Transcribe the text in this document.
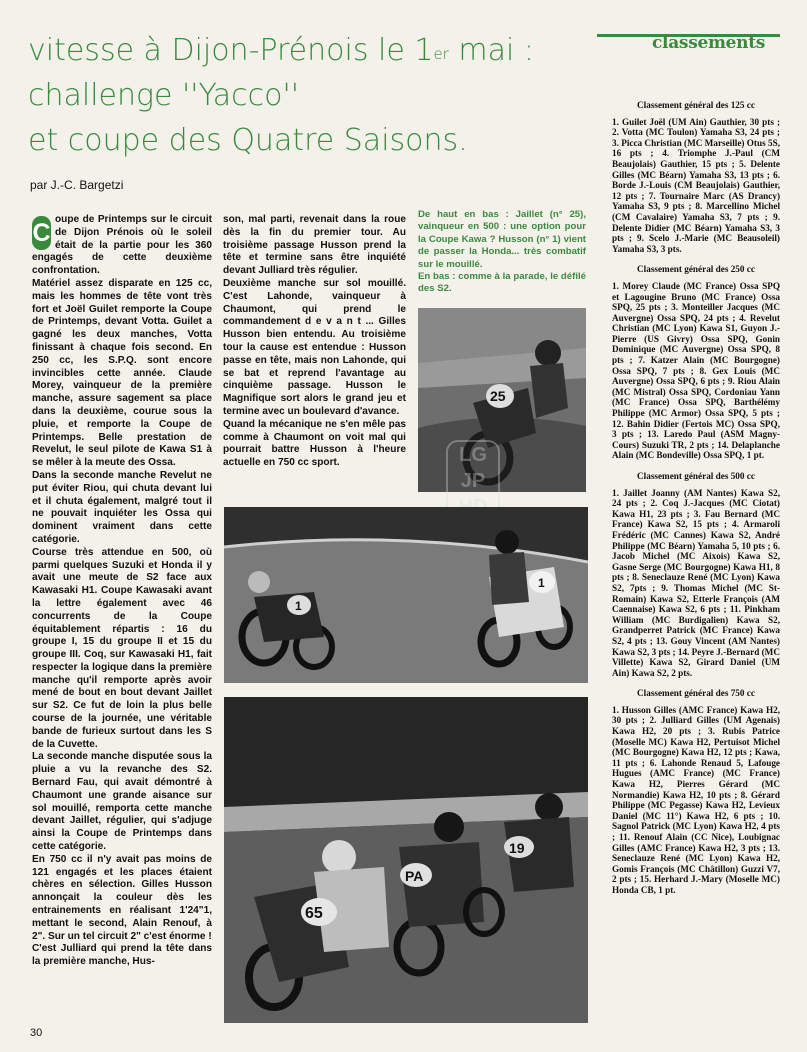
vitesse à Dijon-Prénois le 1er mai :
challenge ''Yacco''
et coupe des Quatre Saisons.
par J.-C. Bargetzi

C oupe de Printemps sur le circuit de Dijon Prénois où le soleil était de la partie pour les 360 engagés de cette deuxième confrontation.

Matériel assez disparate en 125 cc, mais les hommes de tête vont très fort et Joël Guilet remporte la Coupe de Printemps, devant Votta. Guilet a gagné les deux manches, Votta finissant à chaque fois second. En 250 cc, les S.P.Q. sont encore invincibles cette année. Claude Morey, vainqueur de la première manche, assure sagement sa place dans la deuxième, courue sous la pluie, et remporte la Coupe de Printemps. Belle prestation de Revelut, le seul pilote de Kawa S1 à se mêler à la meute des Ossa.

Dans la seconde manche Revelut ne put éviter Riou, qui chuta devant lui et il chuta également, malgré tout il ne pouvait inquiéter les Ossa qui dominent vraiment dans cette catégorie.

Course très attendue en 500, où parmi quelques Suzuki et Honda il y avait une meute de S2 face aux Kawasaki H1. Coupe Kawasaki avant la lettre également avec 46 concurrents de la Coupe équitablement répartis : 16 du groupe I, 15 du groupe II et 15 du groupe III. Coq, sur Kawasaki H1, fait respecter la logique dans la première manche qu'il remporte après avoir mené de bout en bout devant Jaillet sur S2. Ce fut de loin la plus belle course de la journée, une véritable bande de furieux surtout dans les S de la Cuvette.

La seconde manche disputée sous la pluie a vu la revanche des S2. Bernard Fau, qui avait démontré à Chaumont une grande aisance sur sol mouillé, remporta cette manche devant Jaillet, régulier, qui s'adjuge ainsi la Coupe de Printemps dans cette catégorie.

En 750 cc il n'y avait pas moins de 121 engagés et les places étaient chères en sélection. Gilles Husson annonçait la couleur dès les entrainements en réalisant 1'24"1, mettant le second, Alain Renouf, à 2". Sur un tel circuit 2" c'est énorme !

C'est Julliard qui prend la tête dans la première manche, Hus-

son, mal parti, revenait dans la roue dès la fin du premier tour. Au troisième passage Husson prend la tête et termine sans être inquiété devant Julliard très régulier.

Deuxième manche sur sol mouillé. C'est Lahonde, vainqueur à Chaumont, qui prend le commandement d e v a n t ... Gilles Husson bien entendu. Au troisième tour la cause est entendue : Husson passe en tête, mais non Lahonde, qui se bat et reprend l'avantage au cinquième passage. Husson le Magnifique sort alors le grand jeu et termine avec un boulevard d'avance.

Quand la mécanique ne s'en mêle pas comme à Chaumont on voit mal qui pourrait battre Husson à l'heure actuelle en 750 cc sport.

De haut en bas : Jaillet (n° 25), vainqueur en 500 : une option pour la Coupe Kawa ? Husson (n° 1) vient de passer la Honda... très combatif sur le mouillé.

En bas : comme à la parade, le défilé des S2.

25
LG
JP
1
1
65
PA
19
30
classements

Classement général des 125 cc

1. Guilet Joël (UM Ain) Gauthier, 30 pts ; 2. Votta (MC Toulon) Yamaha S3, 24 pts ; 3. Picca Christian (MC Marseille) Otus 5S, 16 pts ; 4. Triomphe J.-Paul (CM Beaujolais) Gauthier, 15 pts ; 5. Delente Gilles (MC Béarn) Yamaha S3, 13 pts ; 6. Borde J.-Louis (CM Beaujolais) Gauthier, 12 pts ; 7. Tournaire Marc (AS Drancy) Yamaha S3, 9 pts ; 8. Marcellino Michel (CM Cavalaire) Yamaha S3, 7 pts ; 9. Delente Didier (MC Béarn) Yamaha S3, 3 pts ; 9. Scelo J.-Marie (MC Beausoleil) Yamaha S3, 3 pts.

Classement général des 250 cc

1. Morey Claude (MC France) Ossa SPQ et Lagougine Bruno (MC France) Ossa SPQ, 25 pts ; 3. Monteiller Jacques (MC Auvergne) Ossa SPQ, 24 pts ; 4. Revelut Christian (MC Lyon) Kawa S1, Guyon J.-Pierre (US Givry) Ossa SPQ, Gonin Dominique (MC Auvergne) Ossa SPQ, 8 pts ; 7. Katzer Alain (MC Bourgogne) Ossa SPQ, 7 pts ; 8. Gex Louis (MC Auvergne) Ossa SPQ, 6 pts ; 9. Riou Alain (MC Mistral) Ossa SPQ, Cordoniau Yann (MC France) Ossa SPQ, Barthélémy Philippe (MC Armor) Ossa SPQ, 5 pts ; 12. Bahin Didier (Fertois MC) Ossa SPQ, 3 pts ; 13. Laredo Paul (ASM Magny-Cours) Suzuki TR, 2 pts ; 14. Delaplanche Alain (MC Bondeville) Ossa SPQ, 1 pt.

Classement général des 500 cc

1. Jaillet Joanny (AM Nantes) Kawa S2, 24 pts ; 2. Coq J.-Jacques (MC Ciotat) Kawa H1, 23 pts ; 3. Fau Bernard (MC France) Kawa S2, 15 pts ; 4. Armaroli Frédéric (MC Cannes) Kawa S2, André Philippe (MC Béarn) Yamaha 5, 10 pts ; 6. Jacob Michel (MC Aixois) Kawa S2, Gasne Serge (MC Bourgogne) Kawa H1, 8 pts ; 8. Seneclauze René (MC Lyon) Kawa S2, 7pts ; 9. Thomas Michel (MC St-Romain) Kawa S2, Etterle François (AM Caennaise) Kawa S2, 6 pts ; 11. Pinkham William (MC Burdigalien) Kawa S2, Grandperret Patrick (MC France) Kawa S2, 4 pts ; 13. Gouy Vincent (AM Nantes) Kawa S2, 3 pts ; 14. Peyre J.-Bernard (MC Villette) Kawa S2, Girard Daniel (UM Ain) Kawa S2, 2 pts.

Classement général des 750 cc

1. Husson Gilles (AMC France) Kawa H2, 30 pts ; 2. Julliard Gilles (UM Agenais) Kawa H2, 20 pts ; 3. Rubis Patrice (Moselle MC) Kawa H2, Pertuisot Michel (MC Bourgogne) Kawa H2, 12 pts ; Kawa, 11 pts ; 6. Lahonde Renaud 5, Lafouge Hugues (AMC France) (MC France) Kawa H2, Pierres Gérard (MC Normandie) Kawa H2, 10 pts ; 8. Gérard Philippe (MC Pegasse) Kawa H2, Levieux Daniel (MC 11°) Kawa H2, 6 pts ; 10. Sagnol Patrick (MC Lyon) Kawa H2, 4 pts ; 11. Renouf Alain (CC Nice), Loubignac Gilles (AMC France) Kawa H2, 3 pts ; 13. Seneclauze René (MC Lyon) Kawa H2, Gomis François (MC Châtillon) Guzzi V7, 2 pts ; 15. Herhard J.-Mary (Moselle MC) Honda CB, 1 pt.
